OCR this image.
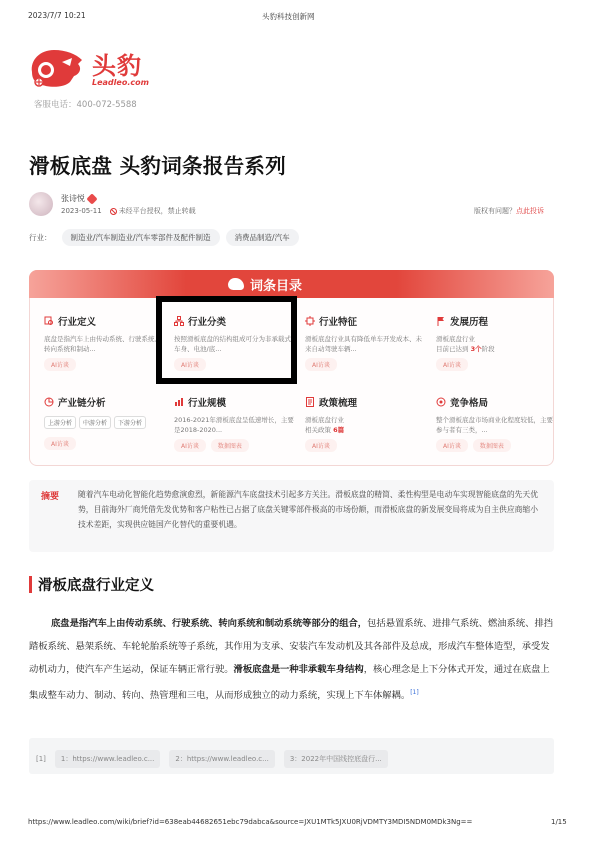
2023/7/7 10:21	头豹科技创新网
头豹
Leadleo.com
客服电话：400-072-5588
滑板底盘 头豹词条报告系列
张诗悦
2023-05-11 未经平台授权，禁止转载	版权有问题？点此投诉
行业：	制造业/汽车制造业/汽车零部件及配件制造	消费品制造/汽车
词条目录
行业定义
底盘是指汽车上由传动系统、行驶系统、转向系统和制动...
AI访谈
行业分类
按照滑板底盘的结构组成可分为非承载式车身、电池/底...
AI访谈
行业特征
滑板底盘行业具有降低单车开发成本、未来自动驾驶车辆...
AI访谈
发展历程
滑板底盘行业
目前已达到 3个阶段
AI访谈
产业链分析
上游分析	中游分析	下游分析
AI访谈
行业规模
2016-2021年滑板底盘呈低速增长，主要是2018-2020...
AI访谈	数据图表
政策梳理
滑板底盘行业
相关政策 6篇
AI访谈
竞争格局
整个滑板底盘市场商业化程度较低，主要参与者有三类，...
AI访谈	数据图表
摘要 随着汽车电动化智能化趋势愈演愈烈，新能源汽车底盘技术引起多方关注。滑板底盘的精简、柔性构型是电动车实现智能底盘的先天优势，目前海外厂商凭借先发优势和客户粘性已占据了底盘关键零部件极高的市场份额，而滑板底盘的新发展变局将成为自主供应商缩小技术差距，实现供应链国产化替代的重要机遇。
滑板底盘行业定义
底盘是指汽车上由传动系统、行驶系统、转向系统和制动系统等部分的组合，包括悬置系统、进排气系统、燃油系统、排挡踏板系统、悬架系统、车轮轮胎系统等子系统，其作用为支承、安装汽车发动机及其各部件及总成，形成汽车整体造型，承受发动机动力，使汽车产生运动，保证车辆正常行驶。滑板底盘是一种非承载车身结构，核心理念是上下分体式开发，通过在底盘上集成整车动力、制动、转向、热管理和三电，从而形成独立的动力系统，实现上下车体解耦。[1]
[1]	1：https://www.leadleo.c...	2：https://www.leadleo.c...	3：2022年中国线控底盘行...
https://www.leadleo.com/wiki/brief?id=638eab44682651ebc79dabca&source=JXU1MTk5JXU0RjVDMTY3MDI5NDM0MDk3Ng==	1/15
